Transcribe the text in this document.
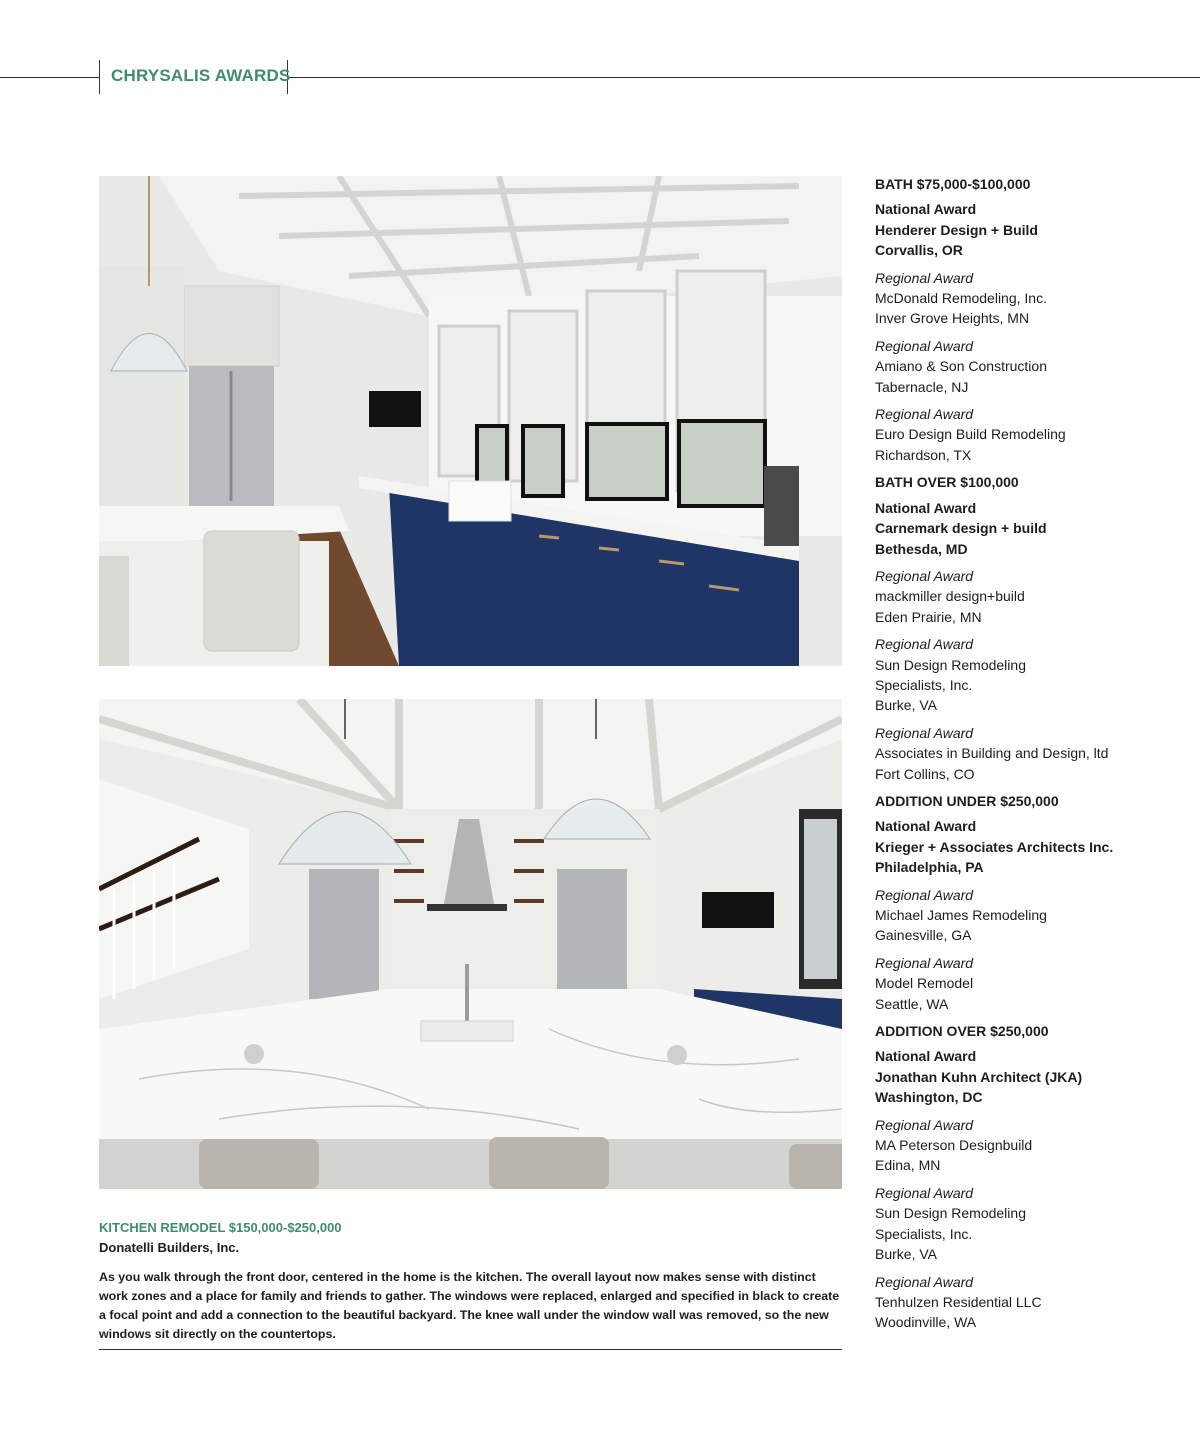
CHRYSALIS AWARDS
KITCHEN REMODEL $150,000-$250,000
Donatelli Builders, Inc.
As you walk through the front door, centered in the home is the kitchen. The overall layout now makes sense with distinct work zones and a place for family and friends to gather. The windows were replaced, enlarged and specified in black to create a focal point and add a connection to the beautiful backyard. The knee wall under the window wall was removed, so the new windows sit directly on the countertops.
BATH $75,000-$100,000
National Award
Henderer Design + Build
Corvallis, OR
Regional Award
McDonald Remodeling, Inc.
Inver Grove Heights, MN
Regional Award
Amiano & Son Construction
Tabernacle, NJ
Regional Award
Euro Design Build Remodeling
Richardson, TX
BATH OVER $100,000
National Award
Carnemark design + build
Bethesda, MD
Regional Award
mackmiller design+build
Eden Prairie, MN
Regional Award
Sun Design Remodeling
Specialists, Inc.
Burke, VA
Regional Award
Associates in Building and Design, ltd
Fort Collins, CO
ADDITION UNDER $250,000
National Award
Krieger + Associates Architects Inc.
Philadelphia, PA
Regional Award
Michael James Remodeling
Gainesville, GA
Regional Award
Model Remodel
Seattle, WA
ADDITION OVER $250,000
National Award
Jonathan Kuhn Architect (JKA)
Washington, DC
Regional Award
MA Peterson Designbuild
Edina, MN
Regional Award
Sun Design Remodeling
Specialists, Inc.
Burke, VA
Regional Award
Tenhulzen Residential LLC
Woodinville, WA
